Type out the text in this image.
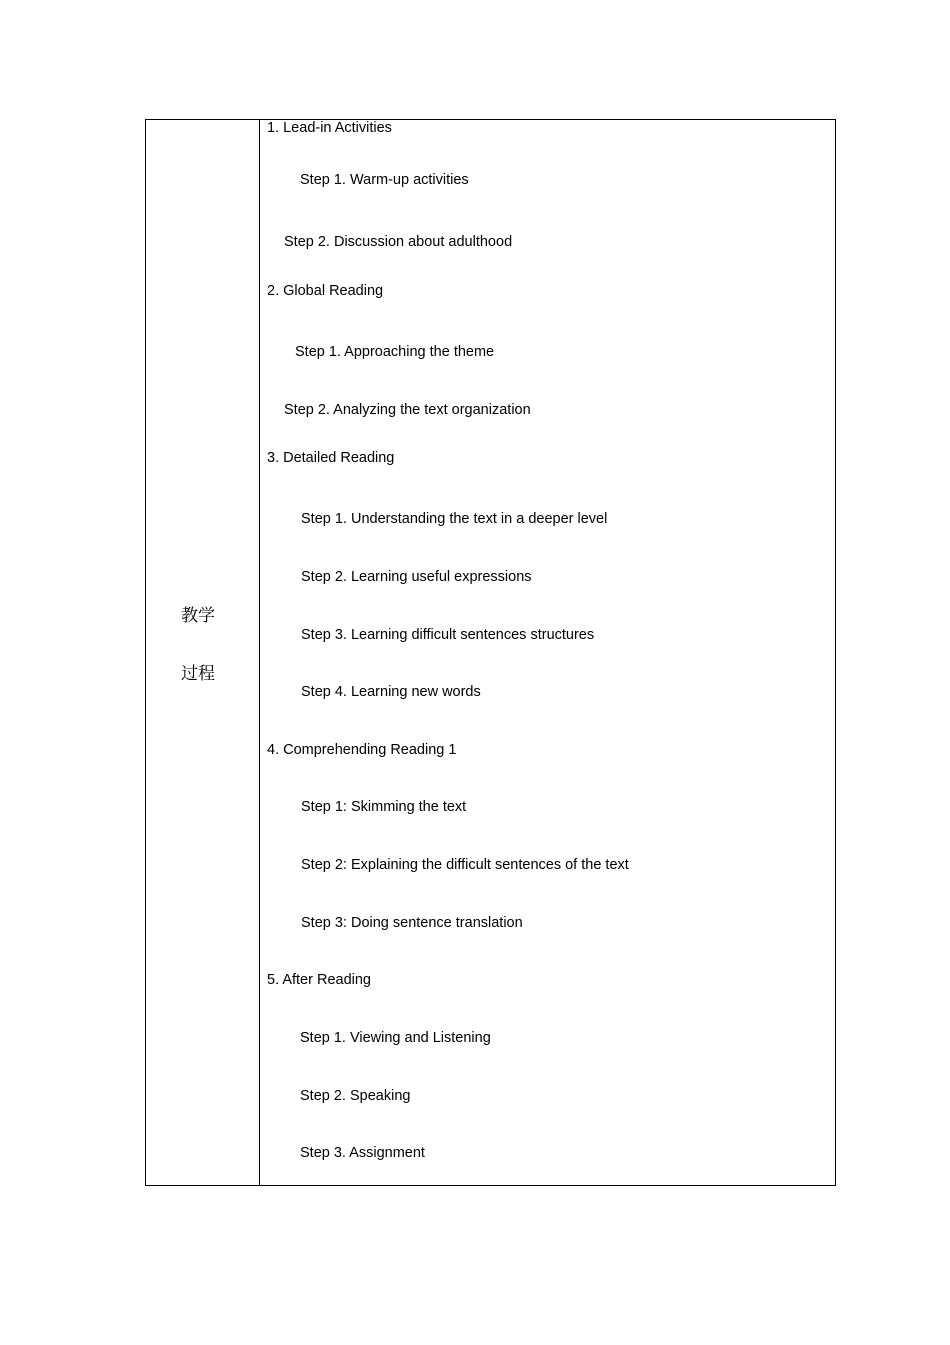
教学
过程
1. Lead-in Activities
Step 1. Warm-up activities
Step 2. Discussion about adulthood
2. Global Reading
Step 1. Approaching the theme
Step 2. Analyzing the text organization
3. Detailed Reading
Step 1. Understanding the text in a deeper level
Step 2. Learning useful expressions
Step 3. Learning difficult sentences structures
Step 4. Learning new words
4. Comprehending Reading 1
Step 1: Skimming the text
Step 2: Explaining the difficult sentences of the text
Step 3: Doing sentence translation
5. After Reading
Step 1. Viewing and Listening
Step 2. Speaking
Step 3. Assignment
